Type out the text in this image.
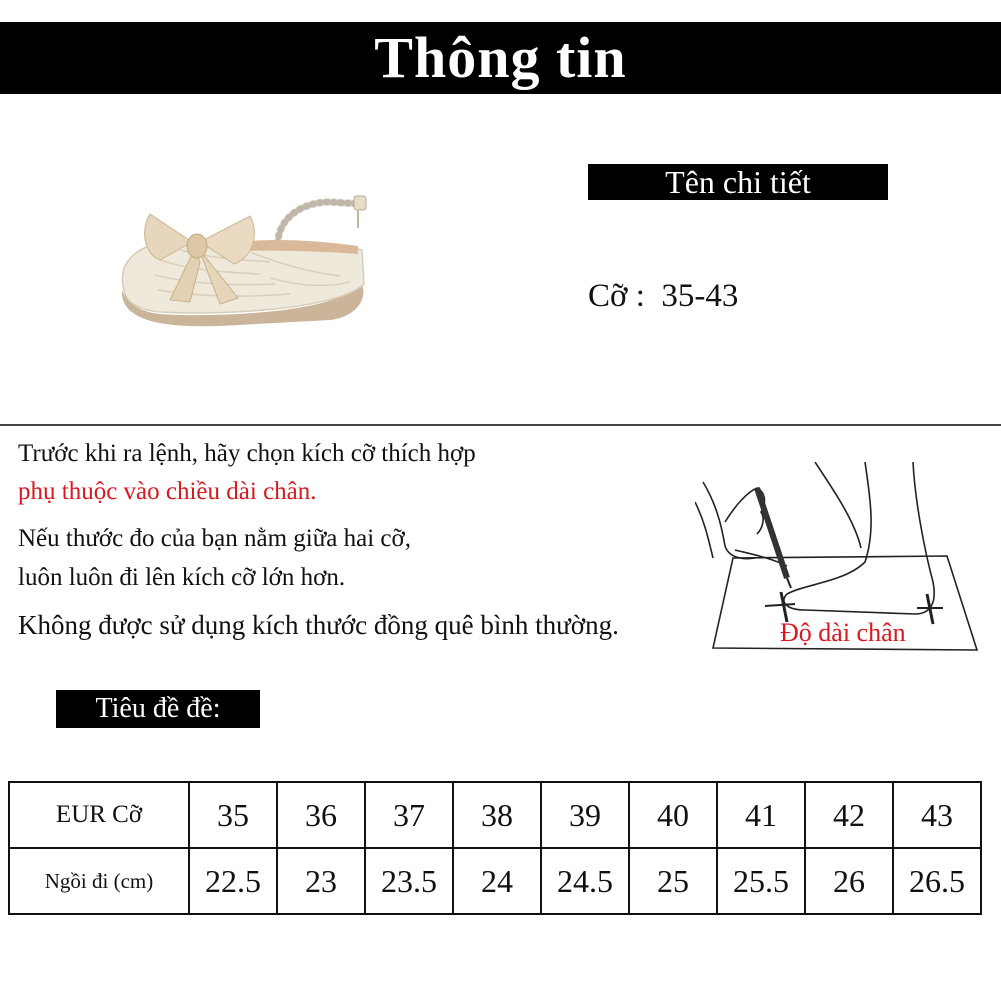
Thông tin
Tên chi tiết
Cỡ : 35-43
Trước khi ra lệnh, hãy chọn kích cỡ thích hợp
phụ thuộc vào chiều dài chân.
Nếu thước đo của bạn nằm giữa hai cỡ,
luôn luôn đi lên kích cỡ lớn hơn.
Không được sử dụng kích thước đồng quê bình thường.	Độ dài chân
Tiêu đề đề:
EUR Cỡ	35	36	37	38	39	40	41	42	43
Ngồi đi (cm)	22.5	23	23.5	24	24.5	25	25.5	26	26.5
